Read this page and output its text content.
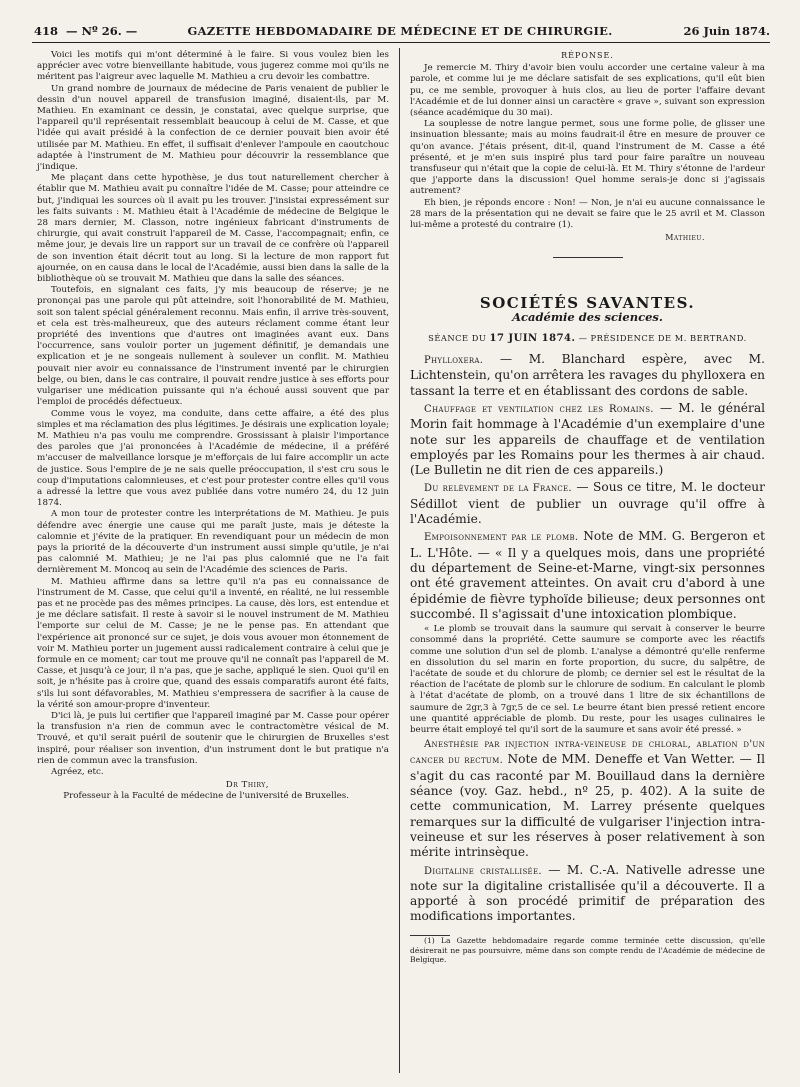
418 — Nº 26. —	GAZETTE HEBDOMADAIRE DE MÉDECINE ET DE CHIRURGIE.	26 Juin 1874.

Voici les motifs qui m'ont déterminé à le faire. Si vous voulez bien les apprécier avec votre bienveillante habitude, vous jugerez comme moi qu'ils ne méritent pas l'aigreur avec laquelle M. Mathieu a cru devoir les combattre.

Un grand nombre de journaux de médecine de Paris venaient de publier le dessin d'un nouvel appareil de transfusion imaginé, disaient-ils, par M. Mathieu. En examinant ce dessin, je constatai, avec quelque surprise, que l'appareil qu'il représentait ressemblait beaucoup à celui de M. Casse, et que l'idée qui avait présidé à la confection de ce dernier pouvait bien avoir été utilisée par M. Mathieu. En effet, il suffisait d'enlever l'ampoule en caoutchouc adaptée à l'instrument de M. Mathieu pour découvrir la ressemblance que j'indique.

Me plaçant dans cette hypothèse, je dus tout naturellement chercher à établir que M. Mathieu avait pu connaître l'idée de M. Casse; pour atteindre ce but, j'indiquai les sources où il avait pu les trouver. J'insistai expressément sur les faits suivants : M. Mathieu était à l'Académie de médecine de Belgique le 28 mars dernier, M. Classon, notre ingénieux fabricant d'instruments de chirurgie, qui avait construit l'appareil de M. Casse, l'accompagnait; enfin, ce même jour, je devais lire un rapport sur un travail de ce confrère où l'appareil de son invention était décrit tout au long. Si la lecture de mon rapport fut ajournée, on en causa dans le local de l'Académie, aussi bien dans la salle de la bibliothèque où se trouvait M. Mathieu que dans la salle des séances.

Toutefois, en signalant ces faits, j'y mis beaucoup de réserve; je ne prononçai pas une parole qui pût atteindre, soit l'honorabilité de M. Mathieu, soit son talent spécial généralement reconnu. Mais enfin, il arrive très-souvent, et cela est très-malheureux, que des auteurs réclament comme étant leur propriété des inventions que d'autres ont imaginées avant eux. Dans l'occurrence, sans vouloir porter un jugement définitif, je demandais une explication et je ne songeais nullement à soulever un conflit. M. Mathieu pouvait nier avoir eu connaissance de l'instrument inventé par le chirurgien belge, ou bien, dans le cas contraire, il pouvait rendre justice à ses efforts pour vulgariser une médication puissante qui n'a échoué aussi souvent que par l'emploi de procédés défectueux.

Comme vous le voyez, ma conduite, dans cette affaire, a été des plus simples et ma réclamation des plus légitimes. Je désirais une explication loyale; M. Mathieu n'a pas voulu me comprendre. Grossissant à plaisir l'importance des paroles que j'ai prononcées à l'Académie de médecine, il a préféré m'accuser de malveillance lorsque je m'efforçais de lui faire accomplir un acte de justice. Sous l'empire de je ne sais quelle préoccupation, il s'est cru sous le coup d'imputations calomnieuses, et c'est pour protester contre elles qu'il vous a adressé la lettre que vous avez publiée dans votre numéro 24, du 12 juin 1874.

A mon tour de protester contre les interprétations de M. Mathieu. Je puis défendre avec énergie une cause qui me paraît juste, mais je déteste la calomnie et j'évite de la pratiquer. En revendiquant pour un médecin de mon pays la priorité de la découverte d'un instrument aussi simple qu'utile, je n'ai pas calomnié M. Mathieu; je ne l'ai pas plus calomnié que ne l'a fait dernièrement M. Moncoq au sein de l'Académie des sciences de Paris.

M. Mathieu affirme dans sa lettre qu'il n'a pas eu connaissance de l'instrument de M. Casse, que celui qu'il a inventé, en réalité, ne lui ressemble pas et ne procède pas des mêmes principes. La cause, dès lors, est entendue et je me déclare satisfait. Il reste à savoir si le nouvel instrument de M. Mathieu l'emporte sur celui de M. Casse; je ne le pense pas. En attendant que l'expérience ait prononcé sur ce sujet, je dois vous avouer mon étonnement de voir M. Mathieu porter un jugement aussi radicalement contraire à celui que je formule en ce moment; car tout me prouve qu'il ne connaît pas l'appareil de M. Casse, et jusqu'à ce jour, il n'a pas, que je sache, appliqué le sien. Quoi qu'il en soit, je n'hésite pas à croire que, quand des essais comparatifs auront été faits, s'ils lui sont défavorables, M. Mathieu s'empressera de sacrifier à la cause de la vérité son amour-propre d'inventeur.

D'ici là, je puis lui certifier que l'appareil imaginé par M. Casse pour opérer la transfusion n'a rien de commun avec le contractomètre vésical de M. Trouvé, et qu'il serait puéril de soutenir que le chirurgien de Bruxelles s'est inspiré, pour réaliser son invention, d'un instrument dont le but pratique n'a rien de commun avec la transfusion.

Agréez, etc.

Dr Thiry,
Professeur à la Faculté de médecine de l'université de Bruxelles.
RÉPONSE.

Je remercie M. Thiry d'avoir bien voulu accorder une certaine valeur à ma parole, et comme lui je me déclare satisfait de ses explications, qu'il eût bien pu, ce me semble, provoquer à huis clos, au lieu de porter l'affaire devant l'Académie et de lui donner ainsi un caractère « grave », suivant son expression (séance académique du 30 mai).

La souplesse de notre langue permet, sous une forme polie, de glisser une insinuation blessante; mais au moins faudrait-il être en mesure de prouver ce qu'on avance. J'étais présent, dit-il, quand l'instrument de M. Casse a été présenté, et je m'en suis inspiré plus tard pour faire paraître un nouveau transfuseur qui n'était que la copie de celui-là. Et M. Thiry s'étonne de l'ardeur que j'apporte dans la discussion! Quel homme serais-je donc si j'agissais autrement?

Eh bien, je réponds encore : Non! — Non, je n'ai eu aucune connaissance le 28 mars de la présentation qui ne devait se faire que le 25 avril et M. Classon lui-même a protesté du contraire (1).

Mathieu.
SOCIÉTÉS SAVANTES.
Académie des sciences.
SÉANCE DU 17 JUIN 1874. — PRÉSIDENCE DE M. BERTRAND.

Phylloxera. — M. Blanchard espère, avec M. Lichtenstein, qu'on arrêtera les ravages du phylloxera en tassant la terre et en établissant des cordons de sable.

Chauffage et ventilation chez les Romains. — M. le général Morin fait hommage à l'Académie d'un exemplaire d'une note sur les appareils de chauffage et de ventilation employés par les Romains pour les thermes à air chaud. (Le Bulletin ne dit rien de ces appareils.)

Du relèvement de la France. — Sous ce titre, M. le docteur Sédillot vient de publier un ouvrage qu'il offre à l'Académie.

Empoisonnement par le plomb. Note de MM. G. Bergeron et L. L'Hôte. — « Il y a quelques mois, dans une propriété du département de Seine-et-Marne, vingt-six personnes ont été gravement atteintes. On avait cru d'abord à une épidémie de fièvre typhoïde bilieuse; deux personnes ont succombé. Il s'agissait d'une intoxication plombique.

« Le plomb se trouvait dans la saumure qui servait à conserver le beurre consommé dans la propriété. Cette saumure se comporte avec les réactifs comme une solution d'un sel de plomb. L'analyse a démontré qu'elle renferme en dissolution du sel marin en forte proportion, du sucre, du salpêtre, de l'acétate de soude et du chlorure de plomb; ce dernier sel est le résultat de la réaction de l'acétate de plomb sur le chlorure de sodium. En calculant le plomb à l'état d'acétate de plomb, on a trouvé dans 1 litre de six échantillons de saumure de 2gr,3 à 7gr,5 de ce sel. Le beurre étant bien pressé retient encore une quantité appréciable de plomb. Du reste, pour les usages culinaires le beurre était employé tel qu'il sort de la saumure et sans avoir été pressé. »

Anesthésie par injection intra-veineuse de chloral, ablation d'un cancer du rectum. Note de MM. Deneffe et Van Wetter. — Il s'agit du cas raconté par M. Bouillaud dans la dernière séance (voy. Gaz. hebd., nº 25, p. 402). A la suite de cette communication, M. Larrey présente quelques remarques sur la difficulté de vulgariser l'injection intra-veineuse et sur les réserves à poser relativement à son mérite intrinsèque.

Digitaline cristallisée. — M. C.-A. Nativelle adresse une note sur la digitaline cristallisée qu'il a découverte. Il a apporté à son procédé primitif de préparation des modifications importantes.

(1) La Gazette hebdomadaire regarde comme terminée cette discussion, qu'elle désirerait ne pas poursuivre, même dans son compte rendu de l'Académie de médecine de Belgique.
